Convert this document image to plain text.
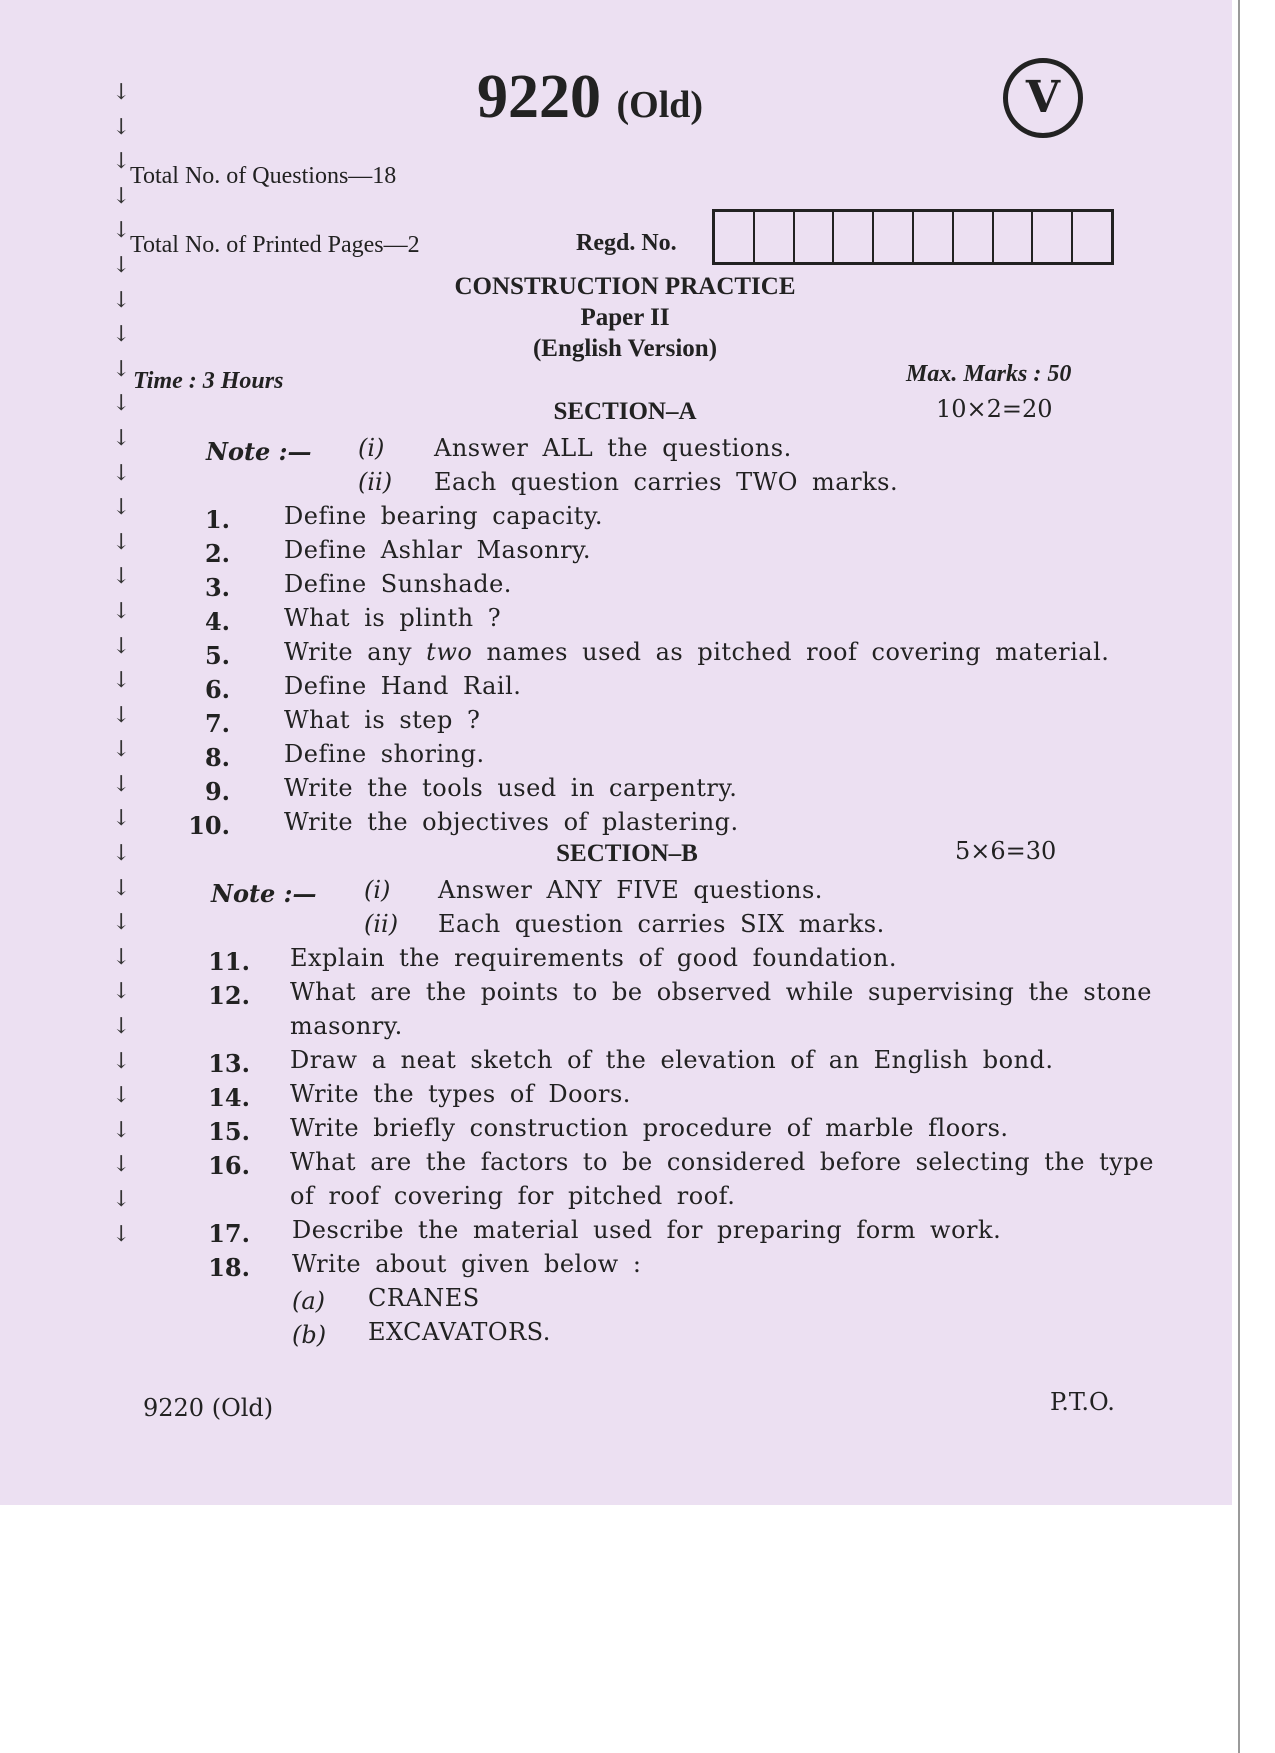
↓
↓
↓
↓
↓
↓
↓
↓
↓
↓
↓
↓
↓
↓
↓
↓
↓
↓
↓
↓
↓
↓
↓
↓
↓
↓
↓
↓
↓
↓
↓
↓
↓
↓
9220 (Old)	V
Total No. of Questions—18
Total No. of Printed Pages—2	Regd. No.
CONSTRUCTION PRACTICE
Paper II
(English Version)
Time : 3 Hours	Max. Marks : 50
SECTION–A	10×2=20
Note :— (i) Answer ALL the questions.
(ii) Each question carries TWO marks.
1. Define bearing capacity.
2. Define Ashlar Masonry.
3. Define Sunshade.
4. What is plinth ?
5. Write any two names used as pitched roof covering material.
6. Define Hand Rail.
7. What is step ?
8. Define shoring.
9. Write the tools used in carpentry.
10. Write the objectives of plastering.
SECTION–B	5×6=30
Note :— (i) Answer ANY FIVE questions.
(ii) Each question carries SIX marks.
11. Explain the requirements of good foundation.
12. What are the points to be observed while supervising the stone
masonry.
13. Draw a neat sketch of the elevation of an English bond.
14. Write the types of Doors.
15. Write briefly construction procedure of marble floors.
16. What are the factors to be considered before selecting the type
of roof covering for pitched roof.
17. Describe the material used for preparing form work.
18. Write about given below :
(a) CRANES
(b) EXCAVATORS.
9220 (Old)	P.T.O.
